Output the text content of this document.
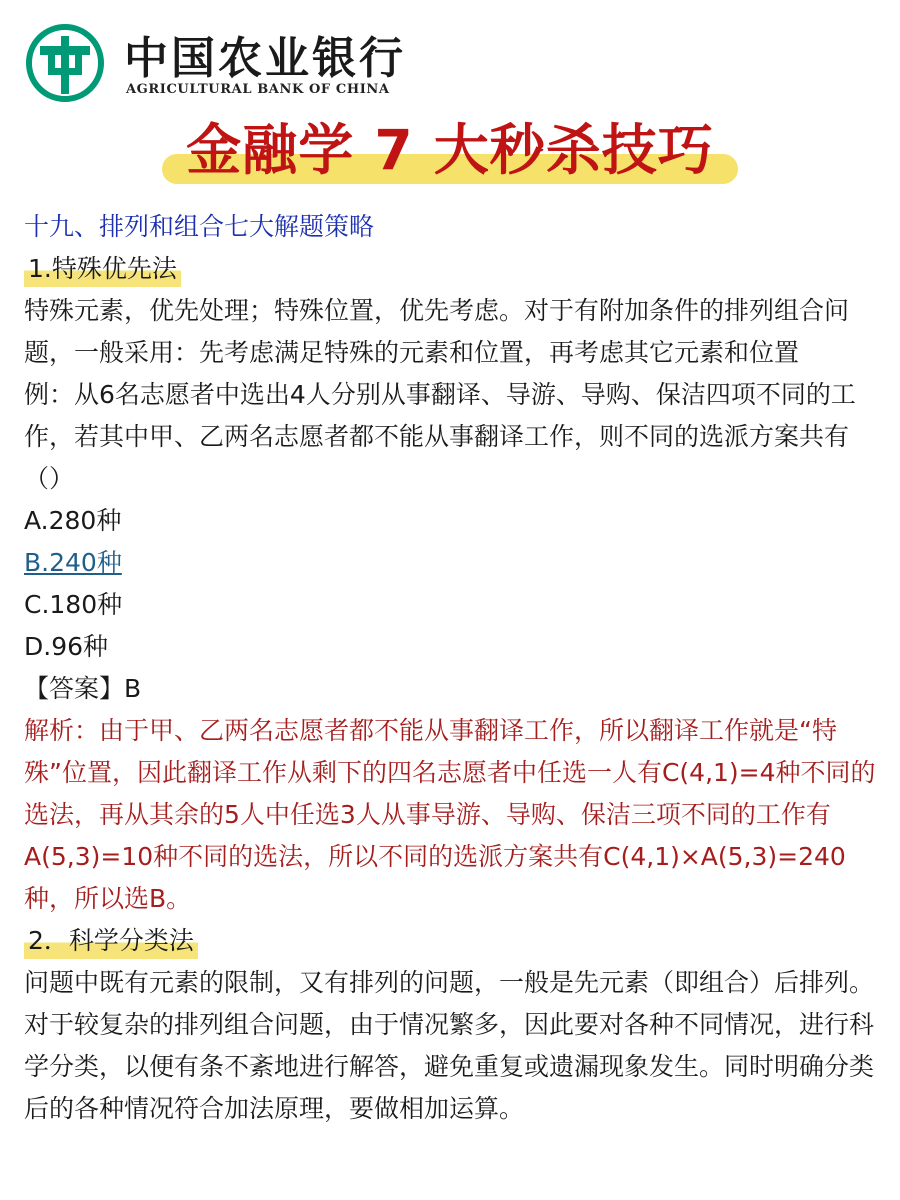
中国农业银行
AGRICULTURAL BANK OF CHINA
金融学 7 大秒杀技巧

十九、排列和组合七大解题策略

1.特殊优先法

特殊元素，优先处理；特殊位置，优先考虑。对于有附加条件的排列组合问题，一般采用：先考虑满足特殊的元素和位置，再考虑其它元素和位置

例：从6名志愿者中选出4人分别从事翻译、导游、导购、保洁四项不同的工作，若其中甲、乙两名志愿者都不能从事翻译工作，则不同的选派方案共有（）

A.280种

B.240种

C.180种

D.96种

【答案】B

解析：由于甲、乙两名志愿者都不能从事翻译工作，所以翻译工作就是“特殊”位置，因此翻译工作从剩下的四名志愿者中任选一人有C(4,1)=4种不同的选法，再从其余的5人中任选3人从事导游、导购、保洁三项不同的工作有A(5,3)=10种不同的选法，所以不同的选派方案共有C(4,1)×A(5,3)=240种，所以选B。

2．科学分类法

问题中既有元素的限制，又有排列的问题，一般是先元素（即组合）后排列。对于较复杂的排列组合问题，由于情况繁多，因此要对各种不同情况，进行科学分类，以便有条不紊地进行解答，避免重复或遗漏现象发生。同时明确分类后的各种情况符合加法原理，要做相加运算。
